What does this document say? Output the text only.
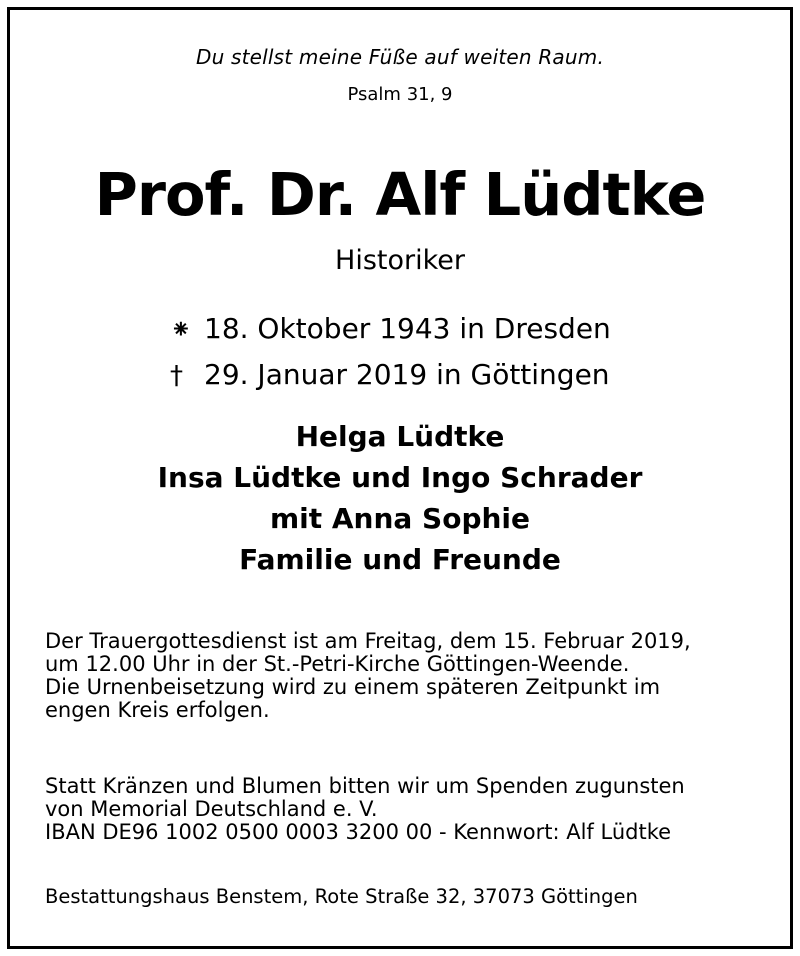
Du stellst meine Füße auf weiten Raum.
Psalm 31, 9
Prof. Dr. Alf Lüdtke
Historiker
⁕ 18. Oktober 1943 in Dresden
† 29. Januar 2019 in Göttingen
Helga Lüdtke
Insa Lüdtke und Ingo Schrader
mit Anna Sophie
Familie und Freunde
Der Trauergottesdienst ist am Freitag, dem 15. Februar 2019,
um 12.00 Uhr in der St.-Petri-Kirche Göttingen-Weende.
Die Urnenbeisetzung wird zu einem späteren Zeitpunkt im
engen Kreis erfolgen.
Statt Kränzen und Blumen bitten wir um Spenden zugunsten
von Memorial Deutschland e. V.
IBAN DE96 1002 0500 0003 3200 00 - Kennwort: Alf Lüdtke
Bestattungshaus Benstem, Rote Straße 32, 37073 Göttingen
